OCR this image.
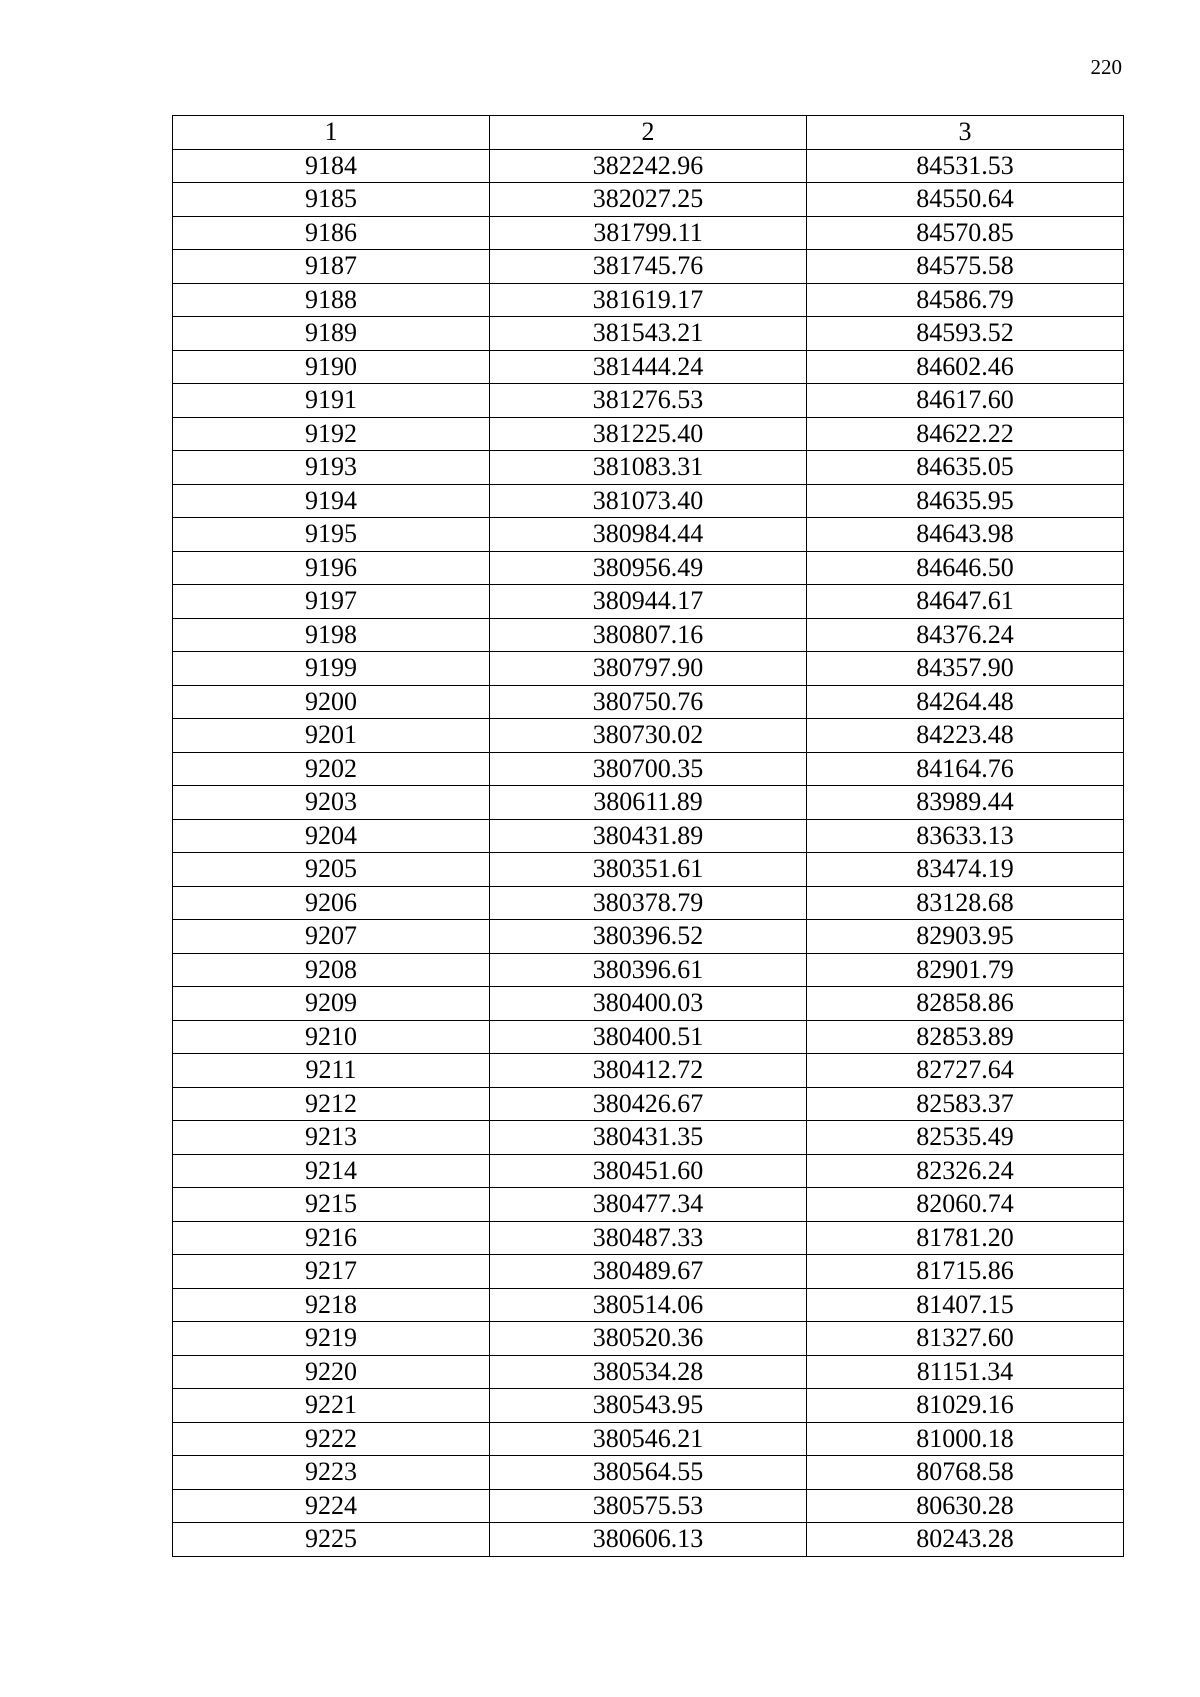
220
1	2	3
9184	382242.96	84531.53
9185	382027.25	84550.64
9186	381799.11	84570.85
9187	381745.76	84575.58
9188	381619.17	84586.79
9189	381543.21	84593.52
9190	381444.24	84602.46
9191	381276.53	84617.60
9192	381225.40	84622.22
9193	381083.31	84635.05
9194	381073.40	84635.95
9195	380984.44	84643.98
9196	380956.49	84646.50
9197	380944.17	84647.61
9198	380807.16	84376.24
9199	380797.90	84357.90
9200	380750.76	84264.48
9201	380730.02	84223.48
9202	380700.35	84164.76
9203	380611.89	83989.44
9204	380431.89	83633.13
9205	380351.61	83474.19
9206	380378.79	83128.68
9207	380396.52	82903.95
9208	380396.61	82901.79
9209	380400.03	82858.86
9210	380400.51	82853.89
9211	380412.72	82727.64
9212	380426.67	82583.37
9213	380431.35	82535.49
9214	380451.60	82326.24
9215	380477.34	82060.74
9216	380487.33	81781.20
9217	380489.67	81715.86
9218	380514.06	81407.15
9219	380520.36	81327.60
9220	380534.28	81151.34
9221	380543.95	81029.16
9222	380546.21	81000.18
9223	380564.55	80768.58
9224	380575.53	80630.28
9225	380606.13	80243.28
